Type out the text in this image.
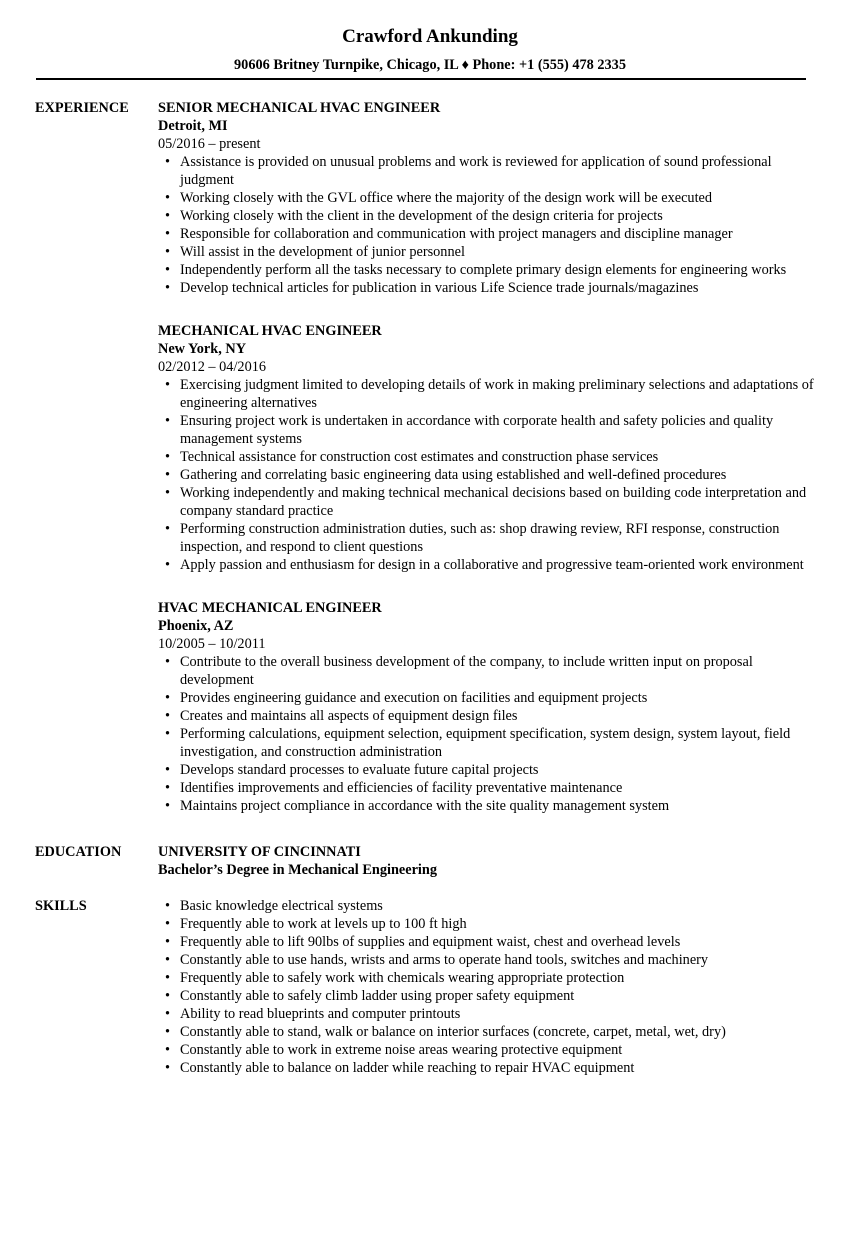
Crawford Ankunding
90606 Britney Turnpike, Chicago, IL ♦ Phone: +1 (555) 478 2335
EXPERIENCE	SENIOR MECHANICAL HVAC ENGINEER
Detroit, MI
05/2016 – present
• Assistance is provided on unusual problems and work is reviewed for application of sound professional judgment
• Working closely with the GVL office where the majority of the design work will be executed
• Working closely with the client in the development of the design criteria for projects
• Responsible for collaboration and communication with project managers and discipline manager
• Will assist in the development of junior personnel
• Independently perform all the tasks necessary to complete primary design elements for engineering works
• Develop technical articles for publication in various Life Science trade journals/magazines
MECHANICAL HVAC ENGINEER
New York, NY
02/2012 – 04/2016
• Exercising judgment limited to developing details of work in making preliminary selections and adaptations of engineering alternatives
• Ensuring project work is undertaken in accordance with corporate health and safety policies and quality management systems
• Technical assistance for construction cost estimates and construction phase services
• Gathering and correlating basic engineering data using established and well-defined procedures
• Working independently and making technical mechanical decisions based on building code interpretation and company standard practice
• Performing construction administration duties, such as: shop drawing review, RFI response, construction inspection, and respond to client questions
• Apply passion and enthusiasm for design in a collaborative and progressive team-oriented work environment
HVAC MECHANICAL ENGINEER
Phoenix, AZ
10/2005 – 10/2011
• Contribute to the overall business development of the company, to include written input on proposal development
• Provides engineering guidance and execution on facilities and equipment projects
• Creates and maintains all aspects of equipment design files
• Performing calculations, equipment selection, equipment specification, system design, system layout, field investigation, and construction administration
• Develops standard processes to evaluate future capital projects
• Identifies improvements and efficiencies of facility preventative maintenance
• Maintains project compliance in accordance with the site quality management system
EDUCATION	UNIVERSITY OF CINCINNATI
Bachelor’s Degree in Mechanical Engineering
SKILLS	• Basic knowledge electrical systems
• Frequently able to work at levels up to 100 ft high
• Frequently able to lift 90lbs of supplies and equipment waist, chest and overhead levels
• Constantly able to use hands, wrists and arms to operate hand tools, switches and machinery
• Frequently able to safely work with chemicals wearing appropriate protection
• Constantly able to safely climb ladder using proper safety equipment
• Ability to read blueprints and computer printouts
• Constantly able to stand, walk or balance on interior surfaces (concrete, carpet, metal, wet, dry)
• Constantly able to work in extreme noise areas wearing protective equipment
• Constantly able to balance on ladder while reaching to repair HVAC equipment
